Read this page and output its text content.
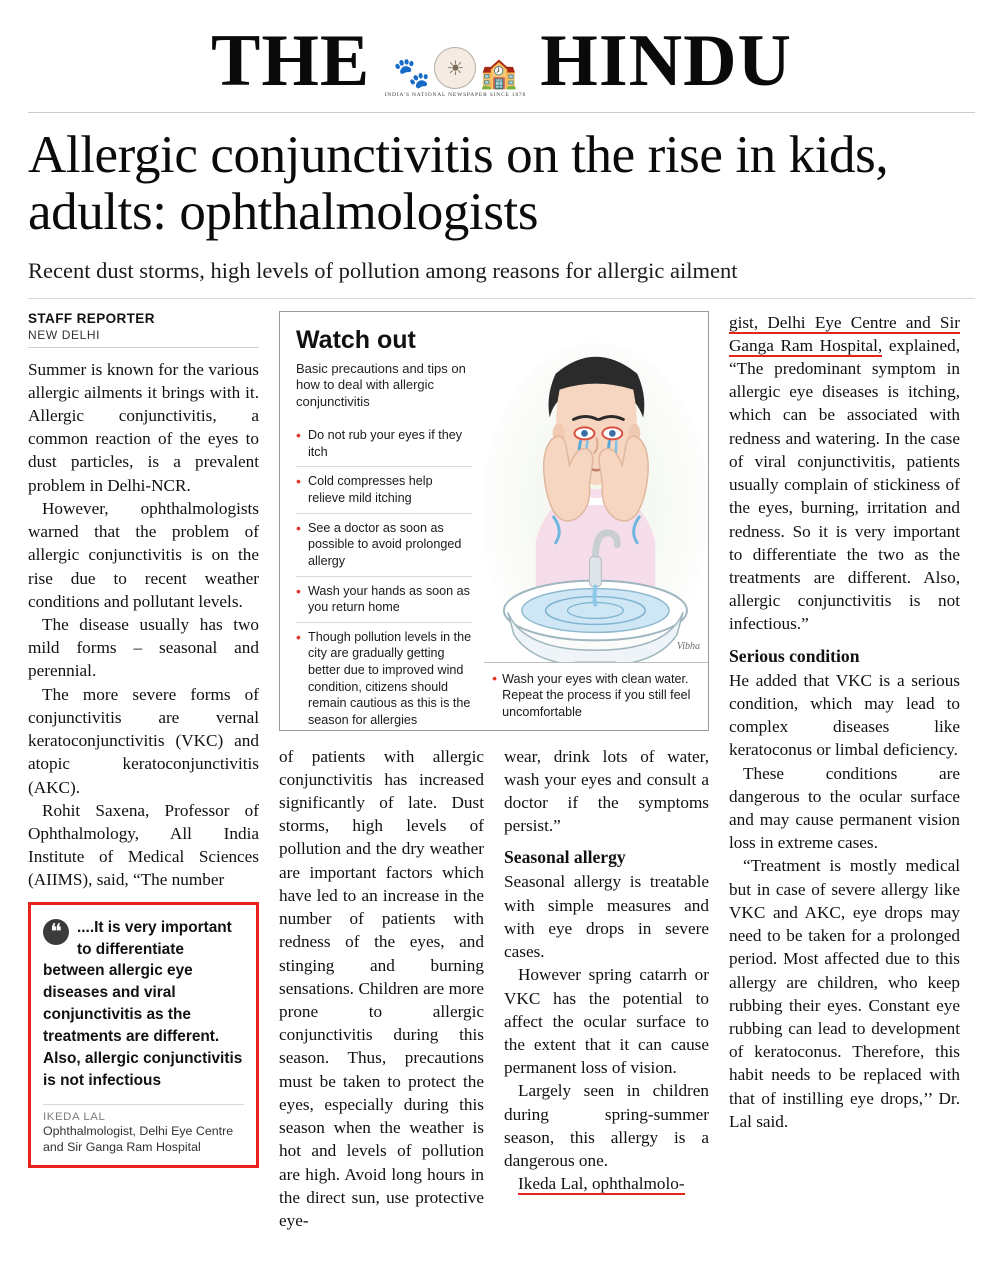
THE 🐾 ☀ 🏫
INDIA'S NATIONAL NEWSPAPER SINCE 1878 HINDU
Allergic conjunctivitis on the rise in kids, adults: ophthalmologists
Recent dust storms, high levels of pollution among reasons for allergic ailment
STAFF REPORTER
NEW DELHI

Summer is known for the various allergic ailments it brings with it. Allergic conjunctivitis, a common reaction of the eyes to dust particles, is a prevalent problem in Delhi-NCR.

However, ophthalmologists warned that the problem of allergic conjunctivitis is on the rise due to recent weather conditions and pollutant levels.

The disease usually has two mild forms – seasonal and perennial.

The more severe forms of conjunctivitis are vernal keratoconjunctivitis (VKC) and atopic keratoconjunctivitis (AKC).

Rohit Saxena, Professor of Ophthalmology, All India Institute of Medical Sciences (AIIMS), said, “The number

❝ ....It is very important to differentiate between allergic eye diseases and viral conjunctivitis as the treatments are different. Also, allergic conjunctivitis is not infectious
IKEDA LAL
Ophthalmologist, Delhi Eye Centre and Sir Ganga Ram Hospital
Watch out
Basic precautions and tips on how to deal with allergic conjunctivitis
• Do not rub your eyes if they itch
• Cold compresses help relieve mild itching
• See a doctor as soon as possible to avoid prolonged allergy
• Wash your hands as soon as you return home
• Though pollution levels in the city are gradually getting better due to improved wind condition, citizens should remain cautious as this is the season for allergies
Vibha
• Wash your eyes with clean water. Repeat the process if you still feel uncomfortable

of patients with allergic conjunctivitis has increased significantly of late. Dust storms, high levels of pollution and the dry weather are important factors which have led to an increase in the number of patients with redness of the eyes, and stinging and burning sensations. Children are more prone to allergic conjunctivitis during this season. Thus, precautions must be taken to protect the eyes, especially during this season when the weather is hot and levels of pollution are high. Avoid long hours in the direct sun, use protective eye-

wear, drink lots of water, wash your eyes and consult a doctor if the symptoms persist.”

Seasonal allergy

Seasonal allergy is treatable with simple measures and with eye drops in severe cases.

However spring catarrh or VKC has the potential to affect the ocular surface to the extent that it can cause permanent loss of vision.

Largely seen in children during spring-summer season, this allergy is a dangerous one.

Ikeda Lal, ophthalmolo-

gist, Delhi Eye Centre and Sir Ganga Ram Hospital, explained, “The predominant symptom in allergic eye diseases is itching, which can be associated with redness and watering. In the case of viral conjunctivitis, patients usually complain of stickiness of the eyes, burning, irritation and redness. So it is very important to differentiate the two as the treatments are different. Also, allergic conjunctivitis is not infectious.”

Serious condition

He added that VKC is a serious condition, which may lead to complex diseases like keratoconus or limbal deficiency.

These conditions are dangerous to the ocular surface and may cause permanent vision loss in extreme cases.

“Treatment is mostly medical but in case of severe allergy like VKC and AKC, eye drops may need to be taken for a prolonged period. Most affected due to this allergy are children, who keep rubbing their eyes. Constant eye rubbing can lead to development of keratoconus. Therefore, this habit needs to be replaced with that of instilling eye drops,’’ Dr. Lal said.
